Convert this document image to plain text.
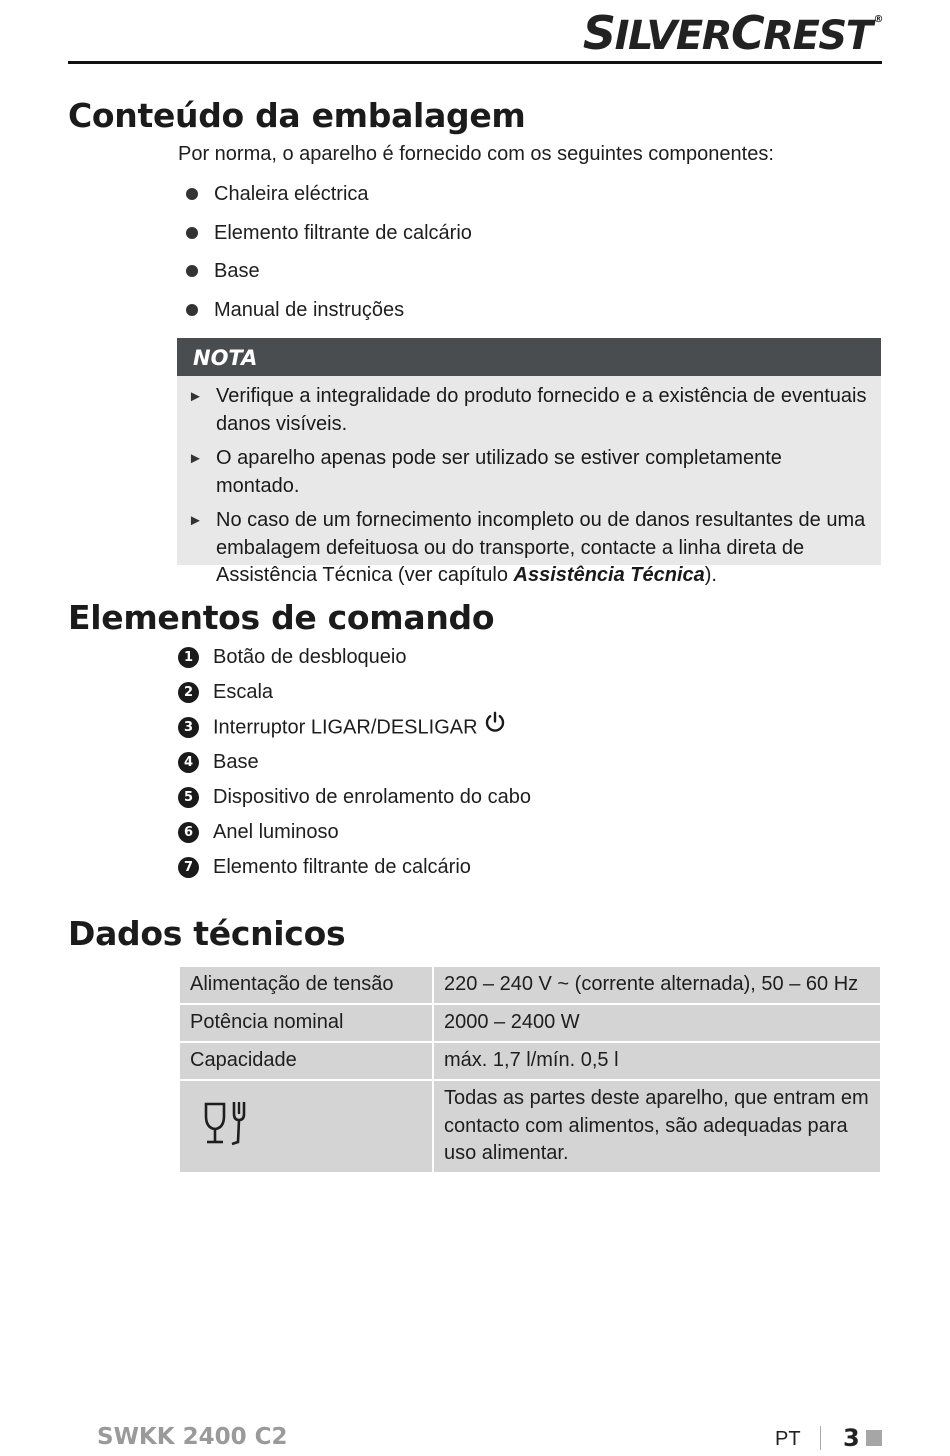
SILVERCREST ®
Conteúdo da embalagem
Por norma, o aparelho é fornecido com os seguintes componentes:
Chaleira eléctrica
Elemento filtrante de calcário
Base
Manual de instruções
NOTA
► Verifique a integralidade do produto fornecido e a existência de eventuais danos visíveis.
► O aparelho apenas pode ser utilizado se estiver completamente montado.
► No caso de um fornecimento incompleto ou de danos resultantes de uma embalagem defeituosa ou do transporte, contacte a linha direta de Assistência Técnica (ver capítulo Assistência Técnica).
Elementos de comando
1 Botão de desbloqueio
2 Escala
3 Interruptor LIGAR/DESLIGAR
4 Base
5 Dispositivo de enrolamento do cabo
6 Anel luminoso
7 Elemento filtrante de calcário
Dados técnicos
Alimentação de tensão	220 – 240 V ~ (corrente alternada), 50 – 60 Hz
Potência nominal	2000 – 2400 W
Capacidade	máx. 1,7 l/mín. 0,5 l
	Todas as partes deste aparelho, que entram em contacto com alimentos, são adequadas para uso alimentar.
SWKK 2400 C2	PT 3
